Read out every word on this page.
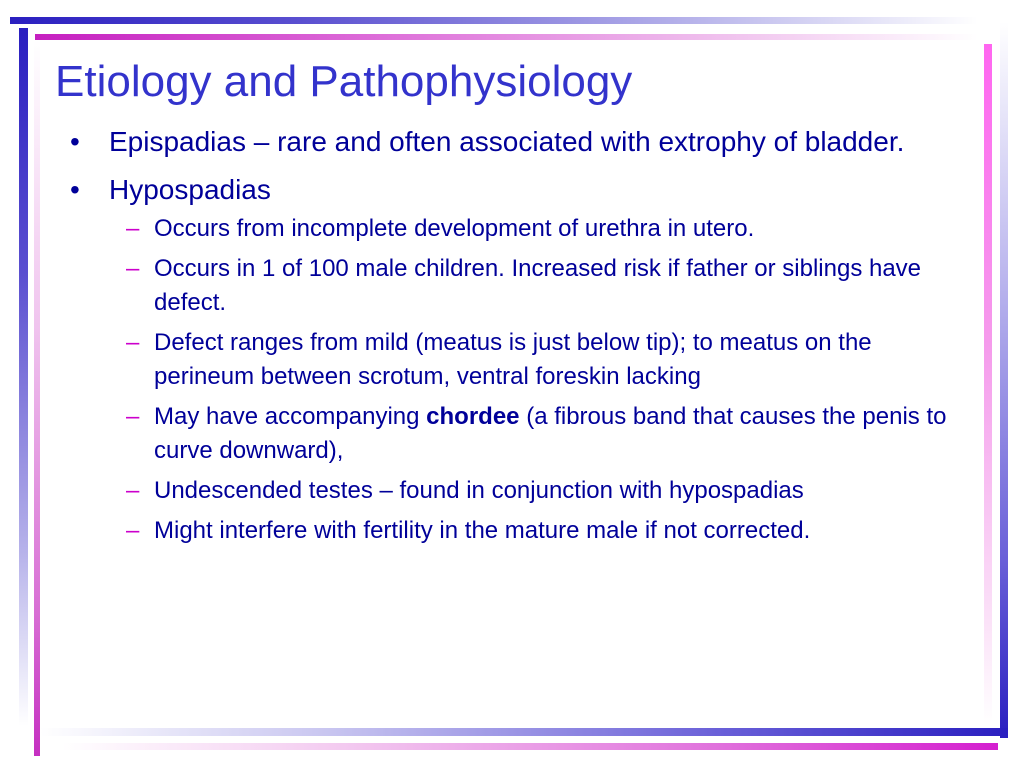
Etiology and Pathophysiology
• Epispadias – rare and often associated with extrophy of bladder.
• Hypospadias
– Occurs from incomplete development of urethra in utero.
– Occurs in 1 of 100 male children. Increased risk if father or siblings have defect.
– Defect ranges from mild (meatus is just below tip); to meatus on the perineum between scrotum, ventral foreskin lacking
– May have accompanying chordee (a fibrous band that causes the penis to curve downward),
– Undescended testes – found in conjunction with hypospadias
– Might interfere with fertility in the mature male if not corrected.
